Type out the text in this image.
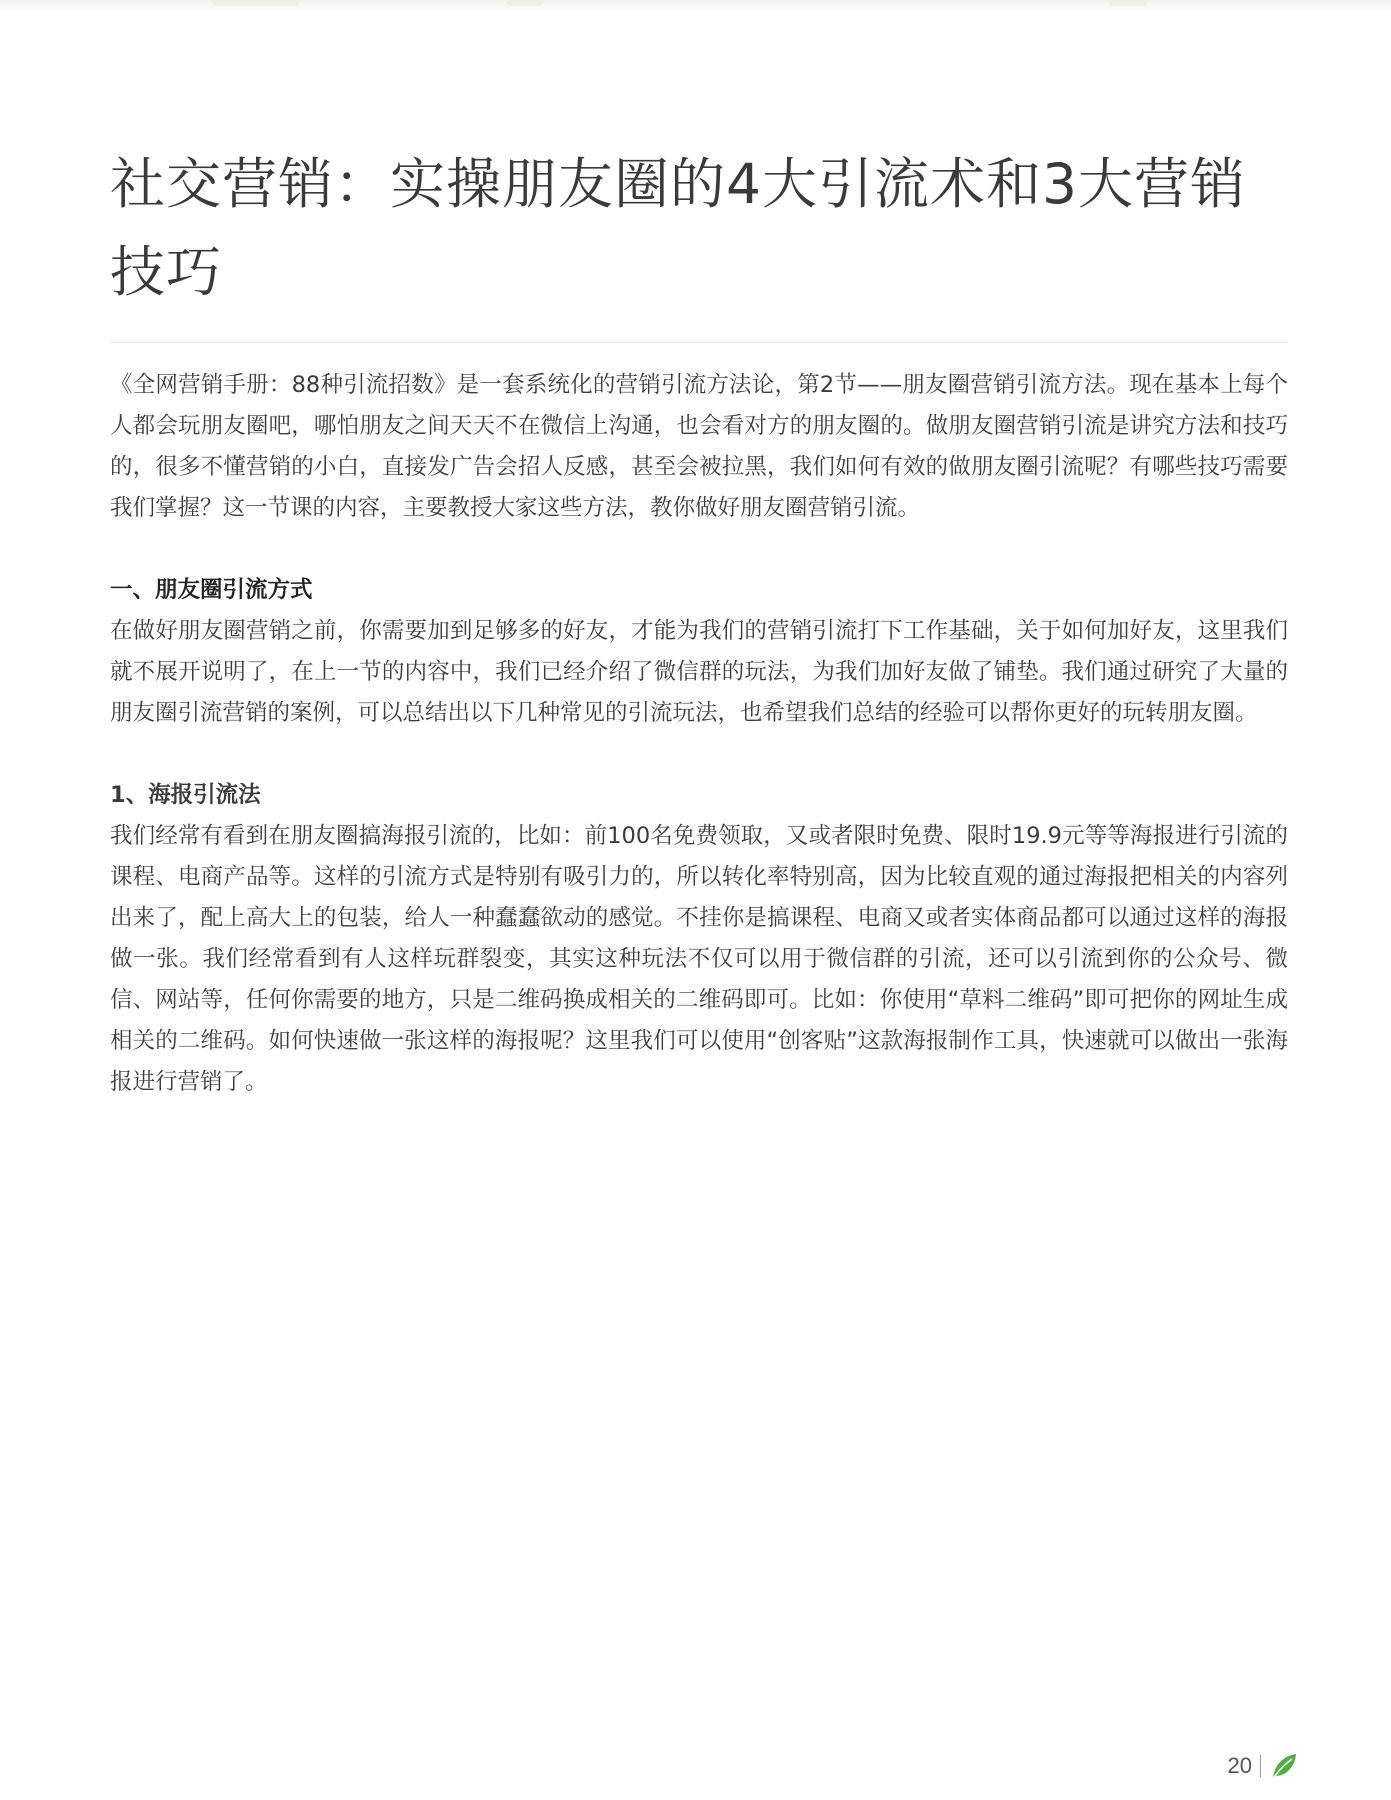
社交营销：实操朋友圈的4大引流术和3大营销技巧

《全网营销手册：88种引流招数》是一套系统化的营销引流方法论，第2节——朋友圈营销引流方法。现在基本上每个人都会玩朋友圈吧，哪怕朋友之间天天不在微信上沟通，也会看对方的朋友圈的。做朋友圈营销引流是讲究方法和技巧的，很多不懂营销的小白，直接发广告会招人反感，甚至会被拉黑，我们如何有效的做朋友圈引流呢？有哪些技巧需要我们掌握？这一节课的内容，主要教授大家这些方法，教你做好朋友圈营销引流。

一、朋友圈引流方式

在做好朋友圈营销之前，你需要加到足够多的好友，才能为我们的营销引流打下工作基础，关于如何加好友，这里我们就不展开说明了，在上一节的内容中，我们已经介绍了微信群的玩法，为我们加好友做了铺垫。我们通过研究了大量的朋友圈引流营销的案例，可以总结出以下几种常见的引流玩法，也希望我们总结的经验可以帮你更好的玩转朋友圈。

1、海报引流法

我们经常有看到在朋友圈搞海报引流的，比如：前100名免费领取，又或者限时免费、限时19.9元等等海报进行引流的课程、电商产品等。这样的引流方式是特别有吸引力的，所以转化率特别高，因为比较直观的通过海报把相关的内容列出来了，配上高大上的包装，给人一种蠢蠢欲动的感觉。不挂你是搞课程、电商又或者实体商品都可以通过这样的海报做一张。我们经常看到有人这样玩群裂变，其实这种玩法不仅可以用于微信群的引流，还可以引流到你的公众号、微信、网站等，任何你需要的地方，只是二维码换成相关的二维码即可。比如：你使用“草料二维码”即可把你的网址生成相关的二维码。如何快速做一张这样的海报呢？这里我们可以使用“创客贴”这款海报制作工具，快速就可以做出一张海报进行营销了。

20
